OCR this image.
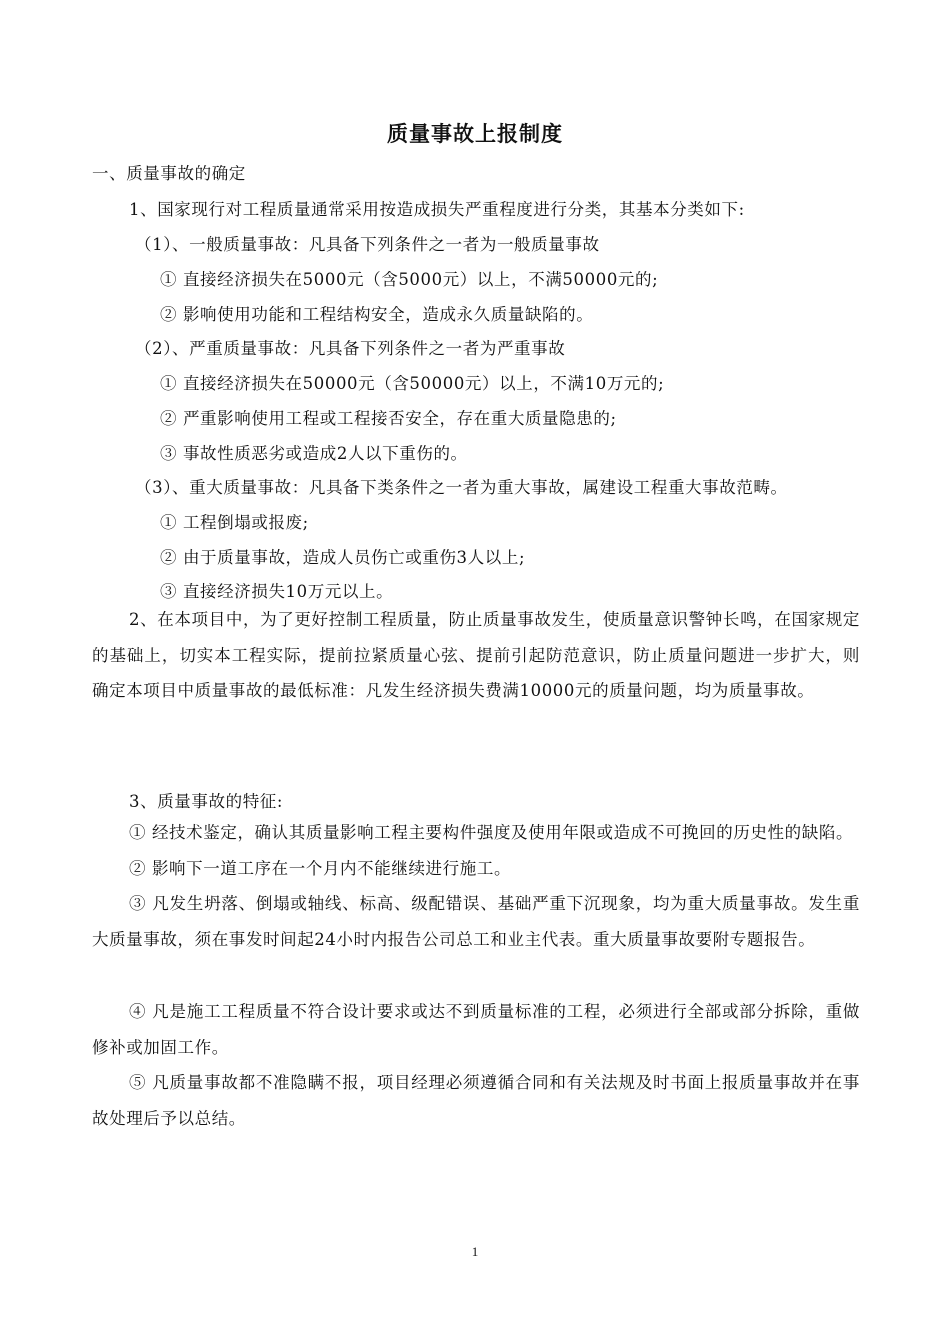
质量事故上报制度
一、质量事故的确定
1、国家现行对工程质量通常采用按造成损失严重程度进行分类，其基本分类如下:
（1）、一般质量事故：凡具备下列条件之一者为一般质量事故
① 直接经济损失在5000元（含5000元）以上，不满50000元的;
② 影响使用功能和工程结构安全，造成永久质量缺陷的。
（2）、严重质量事故：凡具备下列条件之一者为严重事故
① 直接经济损失在50000元（含50000元）以上，不满10万元的;
② 严重影响使用工程或工程接否安全，存在重大质量隐患的;
③ 事故性质恶劣或造成2人以下重伤的。
（3）、重大质量事故：凡具备下类条件之一者为重大事故，属建设工程重大事故范畴。
① 工程倒塌或报废;
② 由于质量事故，造成人员伤亡或重伤3人以上;
③ 直接经济损失10万元以上。
2、在本项目中，为了更好控制工程质量，防止质量事故发生，使质量意识警钟长鸣，在国家规定的基础上，切实本工程实际，提前拉紧质量心弦、提前引起防范意识，防止质量问题进一步扩大，则确定本项目中质量事故的最低标准：凡发生经济损失费满10000元的质量问题，均为质量事故。
3、质量事故的特征:
① 经技术鉴定，确认其质量影响工程主要构件强度及使用年限或造成不可挽回的历史性的缺陷。
② 影响下一道工序在一个月内不能继续进行施工。
③ 凡发生坍落、倒塌或轴线、标高、级配错误、基础严重下沉现象，均为重大质量事故。发生重大质量事故，须在事发时间起24小时内报告公司总工和业主代表。重大质量事故要附专题报告。
④ 凡是施工工程质量不符合设计要求或达不到质量标准的工程，必须进行全部或部分拆除，重做修补或加固工作。
⑤ 凡质量事故都不准隐瞒不报，项目经理必须遵循合同和有关法规及时书面上报质量事故并在事故处理后予以总结。
1
